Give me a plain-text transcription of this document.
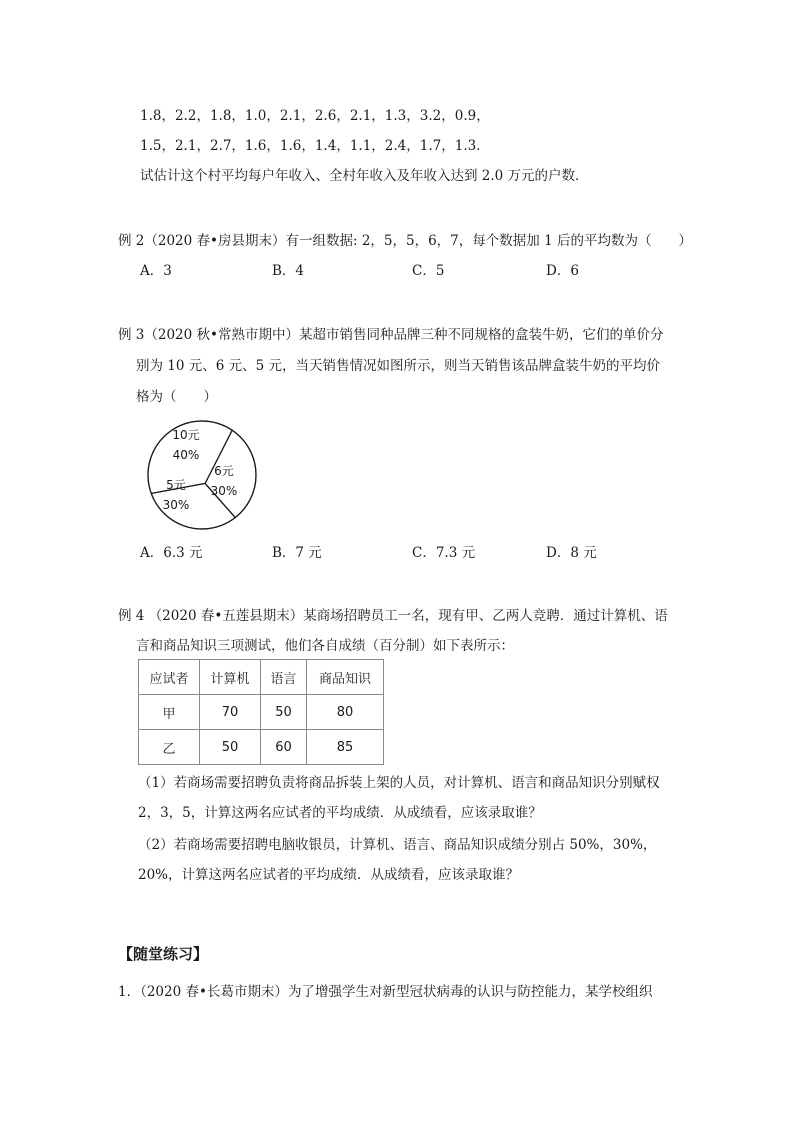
1.8，2.2，1.8，1.0，2.1，2.6，2.1，1.3，3.2，0.9，
1.5，2.1，2.7，1.6，1.6，1.4，1.1，2.4，1.7，1.3．
试估计这个村平均每户年收入、全村年收入及年收入达到 2.0 万元的户数．
例 2（2020 春•房县期末）有一组数据: 2，5，5，6，7，每个数据加 1 后的平均数为（　　）
A．3	B．4	C．5	D．6
例 3（2020 秋•常熟市期中）某超市销售同种品牌三种不同规格的盒装牛奶，它们的单价分
别为 10 元、6 元、5 元，当天销售情况如图所示，则当天销售该品牌盒装牛奶的平均价
格为（　　）
10元
40%
6元
30%
5元
30%
A．6.3 元	B．7 元	C．7.3 元	D．8 元
例 4 （2020 春•五莲县期末）某商场招聘员工一名，现有甲、乙两人竞聘．通过计算机、语
言和商品知识三项测试，他们各自成绩（百分制）如下表所示：
应试者	计算机	语言	商品知识
甲	70	50	80
乙	50	60	85
（1）若商场需要招聘负责将商品拆装上架的人员，对计算机、语言和商品知识分别赋权
2，3，5，计算这两名应试者的平均成绩．从成绩看，应该录取谁？
（2）若商场需要招聘电脑收银员，计算机、语言、商品知识成绩分别占 50%，30%，
20%，计算这两名应试者的平均成绩．从成绩看，应该录取谁？
【随堂练习】
1．（2020 春•长葛市期末）为了增强学生对新型冠状病毒的认识与防控能力，某学校组织
